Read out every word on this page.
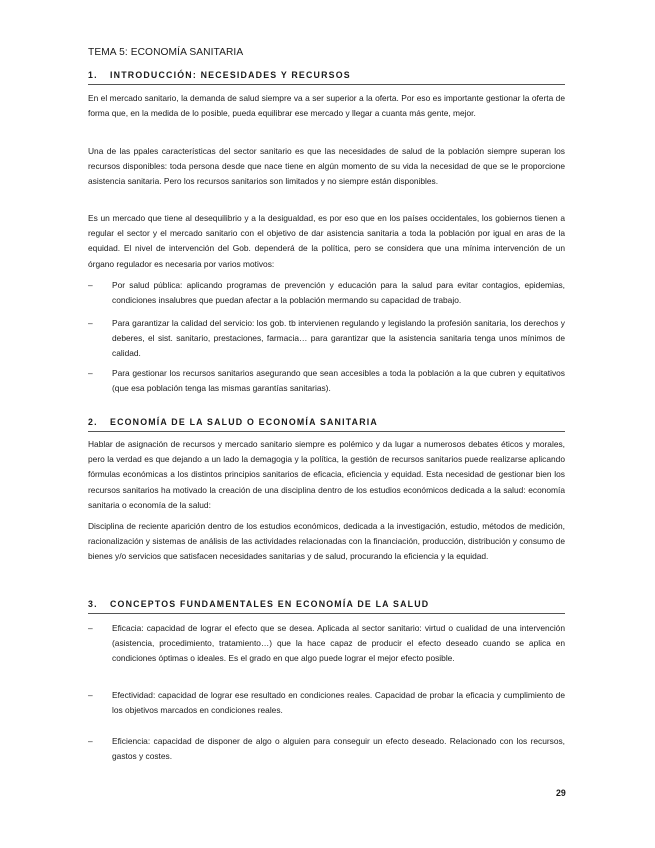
TEMA 5: ECONOMÍA SANITARIA
1. INTRODUCCIÓN: NECESIDADES Y RECURSOS

En el mercado sanitario, la demanda de salud siempre va a ser superior a la oferta. Por eso es importante gestionar la oferta de forma que, en la medida de lo posible, pueda equilibrar ese mercado y llegar a cuanta más gente, mejor.

Una de las ppales características del sector sanitario es que las necesidades de salud de la población siempre superan los recursos disponibles: toda persona desde que nace tiene en algún momento de su vida la necesidad de que se le proporcione asistencia sanitaria. Pero los recursos sanitarios son limitados y no siempre están disponibles.

Es un mercado que tiene al desequilibrio y a la desigualdad, es por eso que en los países occidentales, los gobiernos tienen a regular el sector y el mercado sanitario con el objetivo de dar asistencia sanitaria a toda la población por igual en aras de la equidad. El nivel de intervención del Gob. dependerá de la política, pero se considera que una mínima intervención de un órgano regulador es necesaria por varios motivos:

– Por salud pública: aplicando programas de prevención y educación para la salud para evitar contagios, epidemias, condiciones insalubres que puedan afectar a la población mermando su capacidad de trabajo.
– Para garantizar la calidad del servicio: los gob. tb intervienen regulando y legislando la profesión sanitaria, los derechos y deberes, el sist. sanitario, prestaciones, farmacia… para garantizar que la asistencia sanitaria tenga unos mínimos de calidad.
– Para gestionar los recursos sanitarios asegurando que sean accesibles a toda la población a la que cubren y equitativos (que esa población tenga las mismas garantías sanitarias).
2. ECONOMÍA DE LA SALUD O ECONOMÍA SANITARIA

Hablar de asignación de recursos y mercado sanitario siempre es polémico y da lugar a numerosos debates éticos y morales, pero la verdad es que dejando a un lado la demagogia y la política, la gestión de recursos sanitarios puede realizarse aplicando fórmulas económicas a los distintos principios sanitarios de eficacia, eficiencia y equidad. Esta necesidad de gestionar bien los recursos sanitarios ha motivado la creación de una disciplina dentro de los estudios económicos dedicada a la salud: economía sanitaria o economía de la salud:

Disciplina de reciente aparición dentro de los estudios económicos, dedicada a la investigación, estudio, métodos de medición, racionalización y sistemas de análisis de las actividades relacionadas con la financiación, producción, distribución y consumo de bienes y/o servicios que satisfacen necesidades sanitarias y de salud, procurando la eficiencia y la equidad.

3. CONCEPTOS FUNDAMENTALES EN ECONOMÍA DE LA SALUD
– Eficacia: capacidad de lograr el efecto que se desea. Aplicada al sector sanitario: virtud o cualidad de una intervención (asistencia, procedimiento, tratamiento…) que la hace capaz de producir el efecto deseado cuando se aplica en condiciones óptimas o ideales. Es el grado en que algo puede lograr el mejor efecto posible.
– Efectividad: capacidad de lograr ese resultado en condiciones reales. Capacidad de probar la eficacia y cumplimiento de los objetivos marcados en condiciones reales.
– Eficiencia: capacidad de disponer de algo o alguien para conseguir un efecto deseado. Relacionado con los recursos, gastos y costes.
29
